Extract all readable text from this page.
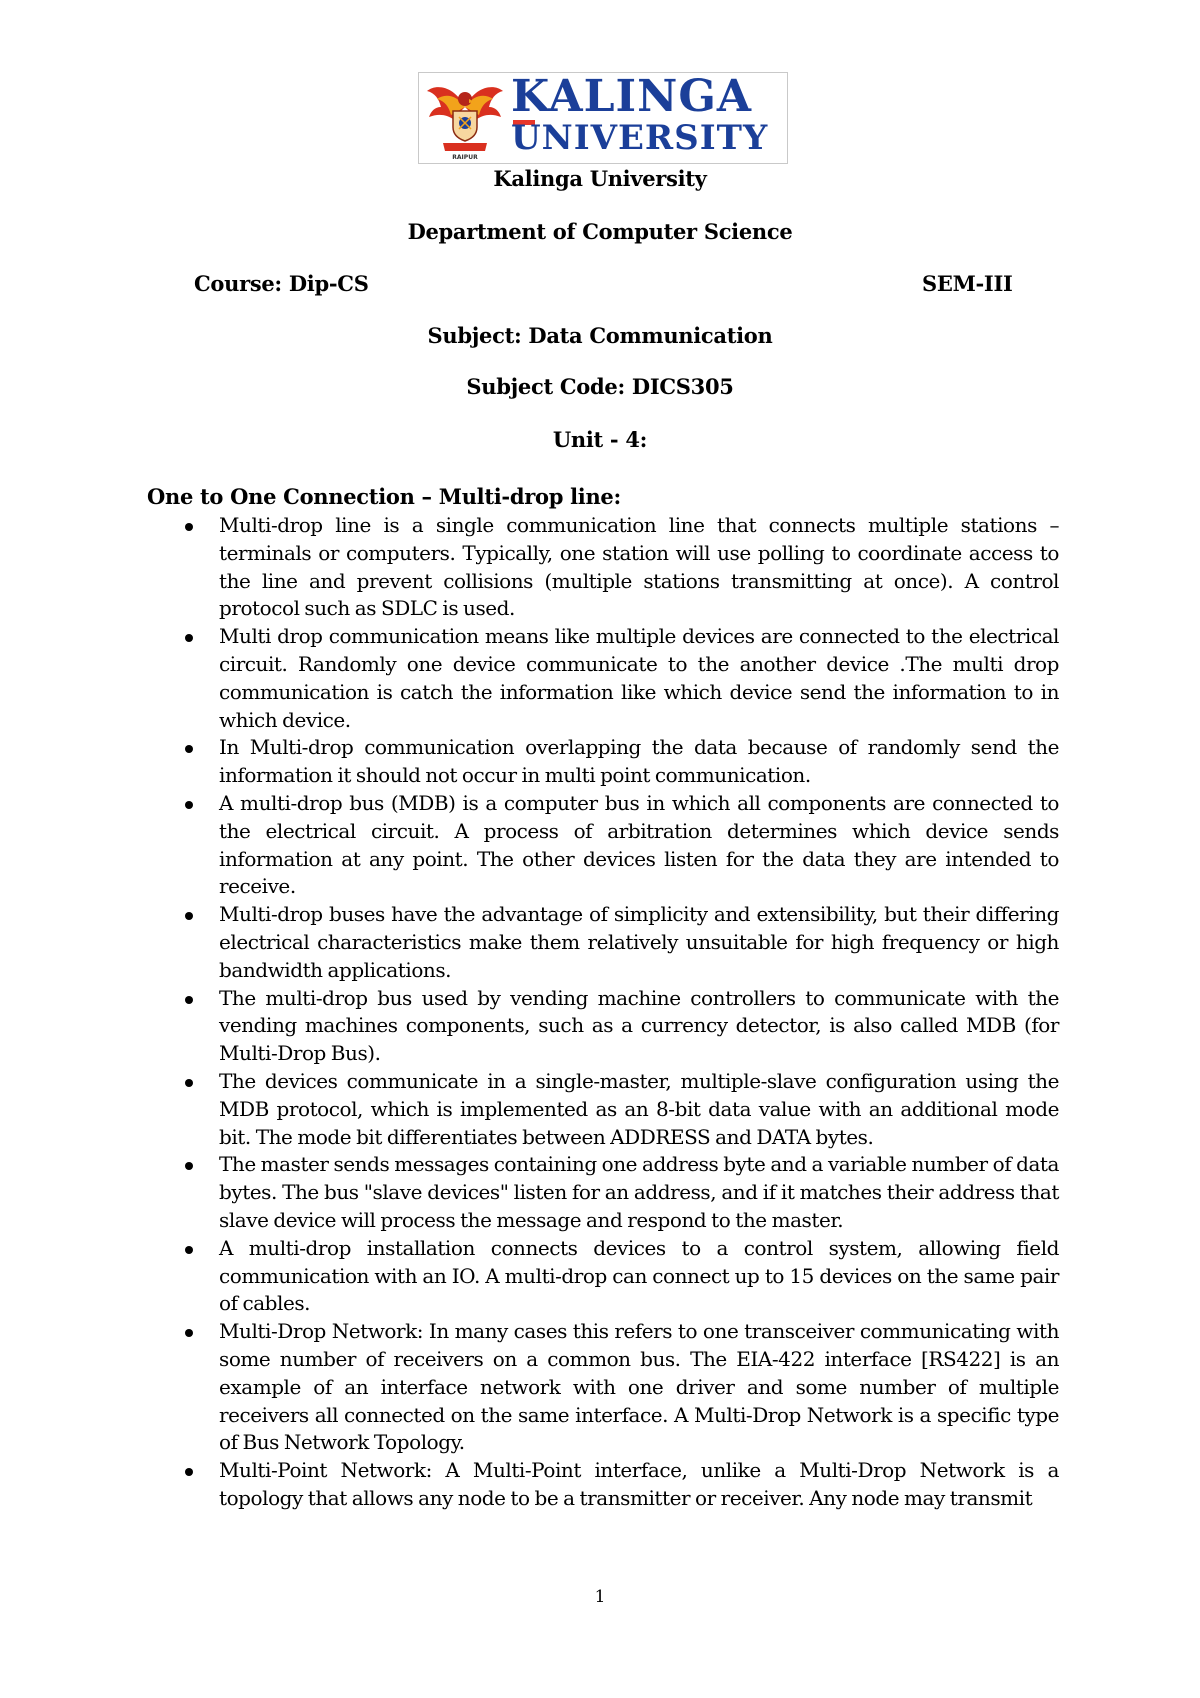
RAIPUR
KALINGA
UNIVERSITY
Kalinga University
Department of Computer Science
Course: Dip-CS	SEM-III
Subject: Data Communication
Subject Code: DICS305
Unit - 4:
One to One Connection – Multi-drop line:
Multi-drop line is a single communication line that connects multiple stations – terminals or computers. Typically, one station will use polling to coordinate access to the line and prevent collisions (multiple stations transmitting at once). A control protocol such as SDLC is used.
Multi drop communication means like multiple devices are connected to the electrical circuit. Randomly one device communicate to the another device .The multi drop communication is catch the information like which device send the information to in which device.
In Multi-drop communication overlapping the data because of randomly send the information it should not occur in multi point communication.
A multi-drop bus (MDB) is a computer bus in which all components are connected to the electrical circuit. A process of arbitration determines which device sends information at any point. The other devices listen for the data they are intended to receive.
Multi-drop buses have the advantage of simplicity and extensibility, but their differing electrical characteristics make them relatively unsuitable for high frequency or high bandwidth applications.
The multi-drop bus used by vending machine controllers to communicate with the vending machines components, such as a currency detector, is also called MDB (for Multi-Drop Bus).
The devices communicate in a single-master, multiple-slave configuration using the MDB protocol, which is implemented as an 8-bit data value with an additional mode bit. The mode bit differentiates between ADDRESS and DATA bytes.
The master sends messages containing one address byte and a variable number of data bytes. The bus "slave devices" listen for an address, and if it matches their address that slave device will process the message and respond to the master.
A multi-drop installation connects devices to a control system, allowing field communication with an IO. A multi-drop can connect up to 15 devices on the same pair of cables.
Multi-Drop Network: In many cases this refers to one transceiver communicating with some number of receivers on a common bus. The EIA-422 interface [RS422] is an example of an interface network with one driver and some number of multiple receivers all connected on the same interface. A Multi-Drop Network is a specific type of Bus Network Topology.
Multi-Point Network: A Multi-Point interface, unlike a Multi-Drop Network is a topology that allows any node to be a transmitter or receiver. Any node may transmit
1
